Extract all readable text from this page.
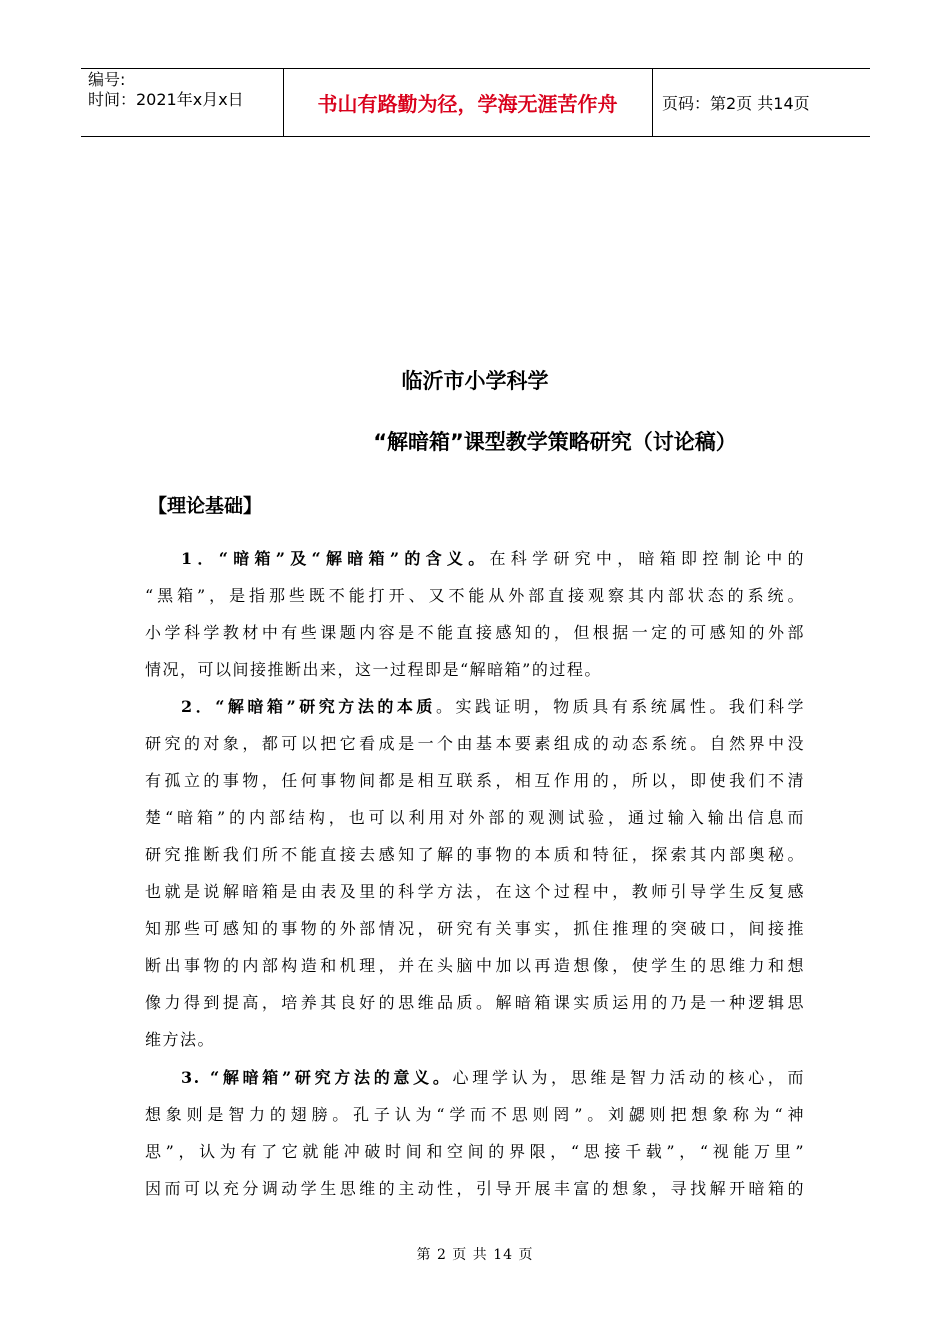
编号:
时间：2021年x月x日	书山有路勤为径，学海无涯苦作舟	页码：第2页 共14页
临沂市小学科学
“解暗箱”课型教学策略研究（讨论稿）
【理论基础】
1．“暗箱”及“解暗箱”的含义。在科学研究中，暗箱即控制论中的
“黑箱”，是指那些既不能打开、又不能从外部直接观察其内部状态的系统。
小学科学教材中有些课题内容是不能直接感知的，但根据一定的可感知的外部
情况，可以间接推断出来，这一过程即是“解暗箱”的过程。
2．“解暗箱”研究方法的本质。实践证明，物质具有系统属性。我们科学
研究的对象，都可以把它看成是一个由基本要素组成的动态系统。自然界中没
有孤立的事物，任何事物间都是相互联系，相互作用的，所以，即使我们不清
楚“暗箱”的内部结构，也可以利用对外部的观测试验，通过输入输出信息而
研究推断我们所不能直接去感知了解的事物的本质和特征，探索其内部奥秘。
也就是说解暗箱是由表及里的科学方法，在这个过程中，教师引导学生反复感
知那些可感知的事物的外部情况，研究有关事实，抓住推理的突破口，间接推
断出事物的内部构造和机理，并在头脑中加以再造想像，使学生的思维力和想
像力得到提高，培养其良好的思维品质。解暗箱课实质运用的乃是一种逻辑思
维方法。
3. “解暗箱”研究方法的意义。心理学认为，思维是智力活动的核心，而
想象则是智力的翅膀。孔子认为“学而不思则罔”。刘勰则把想象称为“神
思”，认为有了它就能冲破时间和空间的界限，“思接千载”，“视能万里”
因而可以充分调动学生思维的主动性，引导开展丰富的想象，寻找解开暗箱的
第 2 页 共 14 页
